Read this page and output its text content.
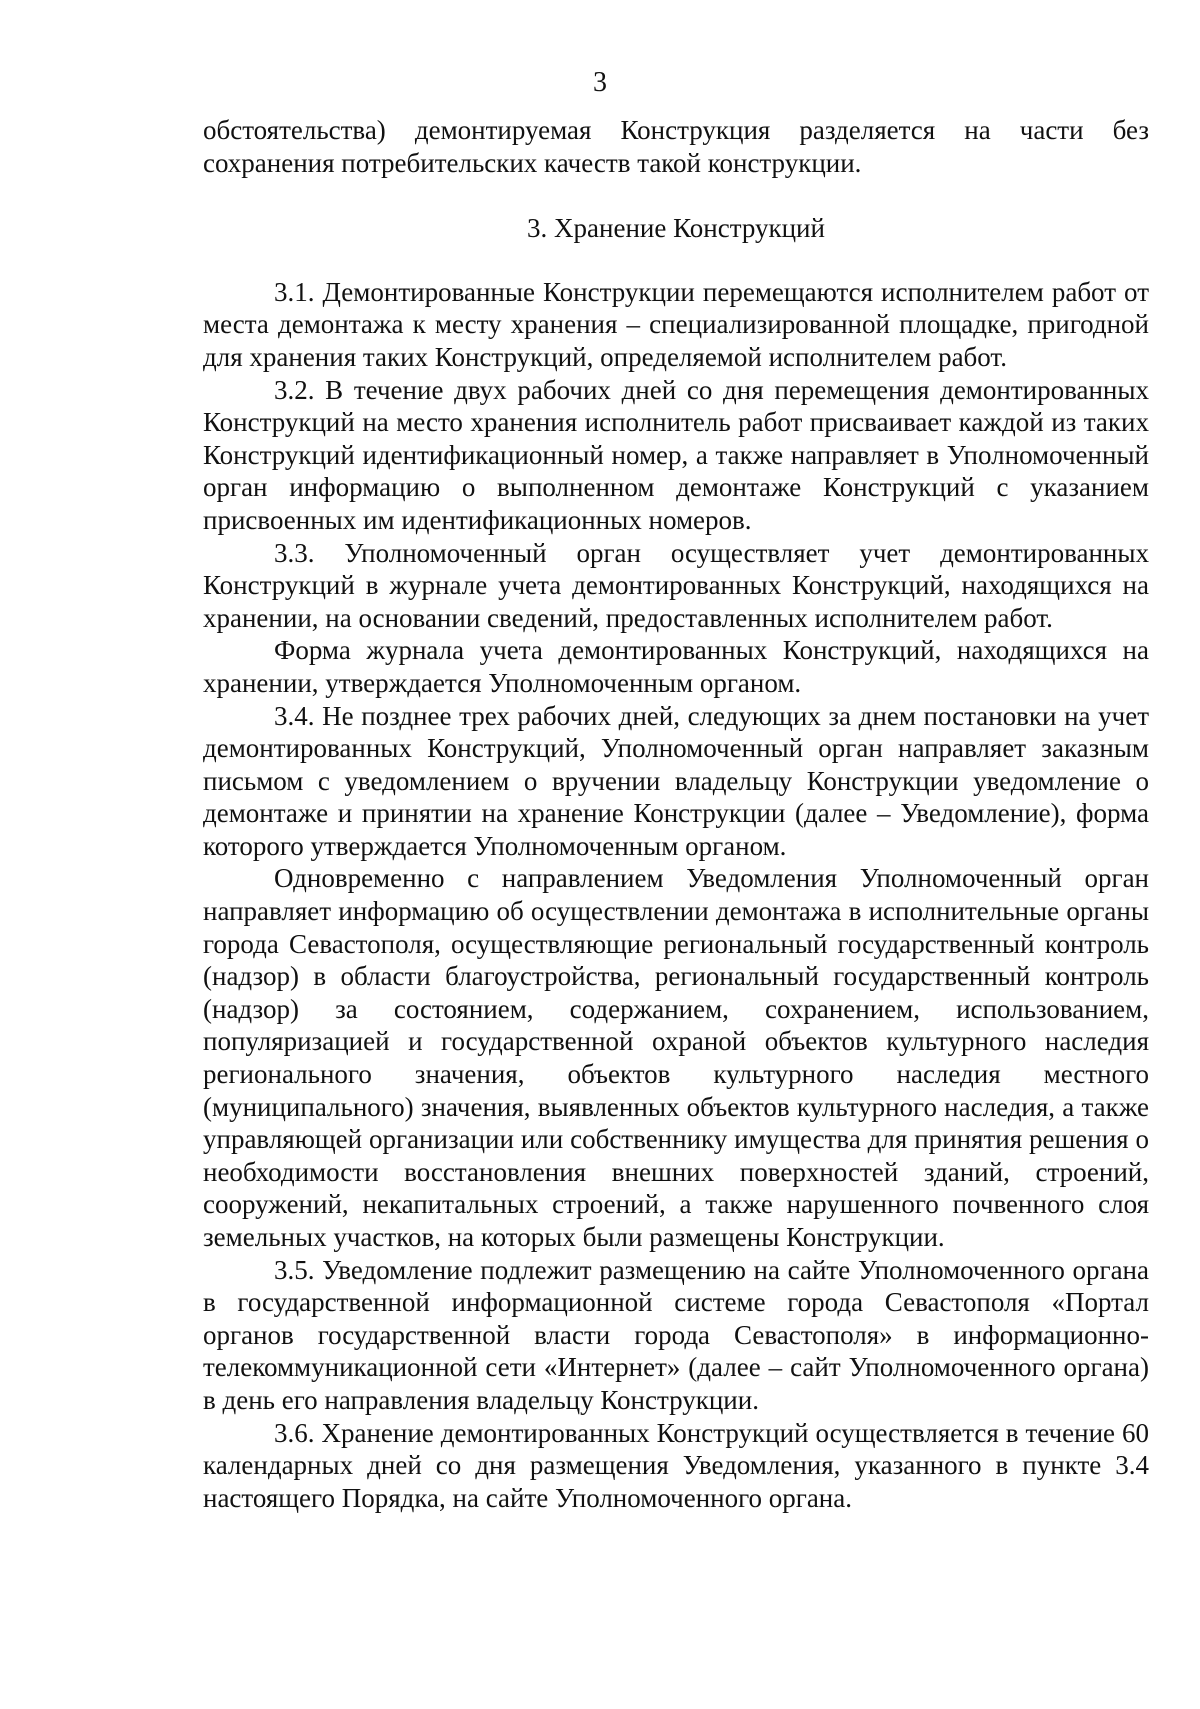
3

обстоятельства) демонтируемая Конструкция разделяется на части без сохранения потребительских качеств такой конструкции.

3. Хранение Конструкций

3.1. Демонтированные Конструкции перемещаются исполнителем работ от места демонтажа к месту хранения – специализированной площадке, пригодной для хранения таких Конструкций, определяемой исполнителем работ.

3.2. В течение двух рабочих дней со дня перемещения демонтированных Конструкций на место хранения исполнитель работ присваивает каждой из таких Конструкций идентификационный номер, а также направляет в Уполномоченный орган информацию о выполненном демонтаже Конструкций с указанием присвоенных им идентификационных номеров.

3.3. Уполномоченный орган осуществляет учет демонтированных Конструкций в журнале учета демонтированных Конструкций, находящихся на хранении, на основании сведений, предоставленных исполнителем работ.

Форма журнала учета демонтированных Конструкций, находящихся на хранении, утверждается Уполномоченным органом.

3.4. Не позднее трех рабочих дней, следующих за днем постановки на учет демонтированных Конструкций, Уполномоченный орган направляет заказным письмом с уведомлением о вручении владельцу Конструкции уведомление о демонтаже и принятии на хранение Конструкции (далее – Уведомление), форма которого утверждается Уполномоченным органом.

Одновременно с направлением Уведомления Уполномоченный орган направляет информацию об осуществлении демонтажа в исполнительные органы города Севастополя, осуществляющие региональный государственный контроль (надзор) в области благоустройства, региональный государственный контроль (надзор) за состоянием, содержанием, сохранением, использованием, популяризацией и государственной охраной объектов культурного наследия регионального значения, объектов культурного наследия местного (муниципального) значения, выявленных объектов культурного наследия, а также управляющей организации или собственнику имущества для принятия решения о необходимости восстановления внешних поверхностей зданий, строений, сооружений, некапитальных строений, а также нарушенного почвенного слоя земельных участков, на которых были размещены Конструкции.

3.5. Уведомление подлежит размещению на сайте Уполномоченного органа в государственной информационной системе города Севастополя «Портал органов государственной власти города Севастополя» в информационно-телекоммуникационной сети «Интернет» (далее – сайт Уполномоченного органа) в день его направления владельцу Конструкции.

3.6. Хранение демонтированных Конструкций осуществляется в течение 60 календарных дней со дня размещения Уведомления, указанного в пункте 3.4 настоящего Порядка, на сайте Уполномоченного органа.
